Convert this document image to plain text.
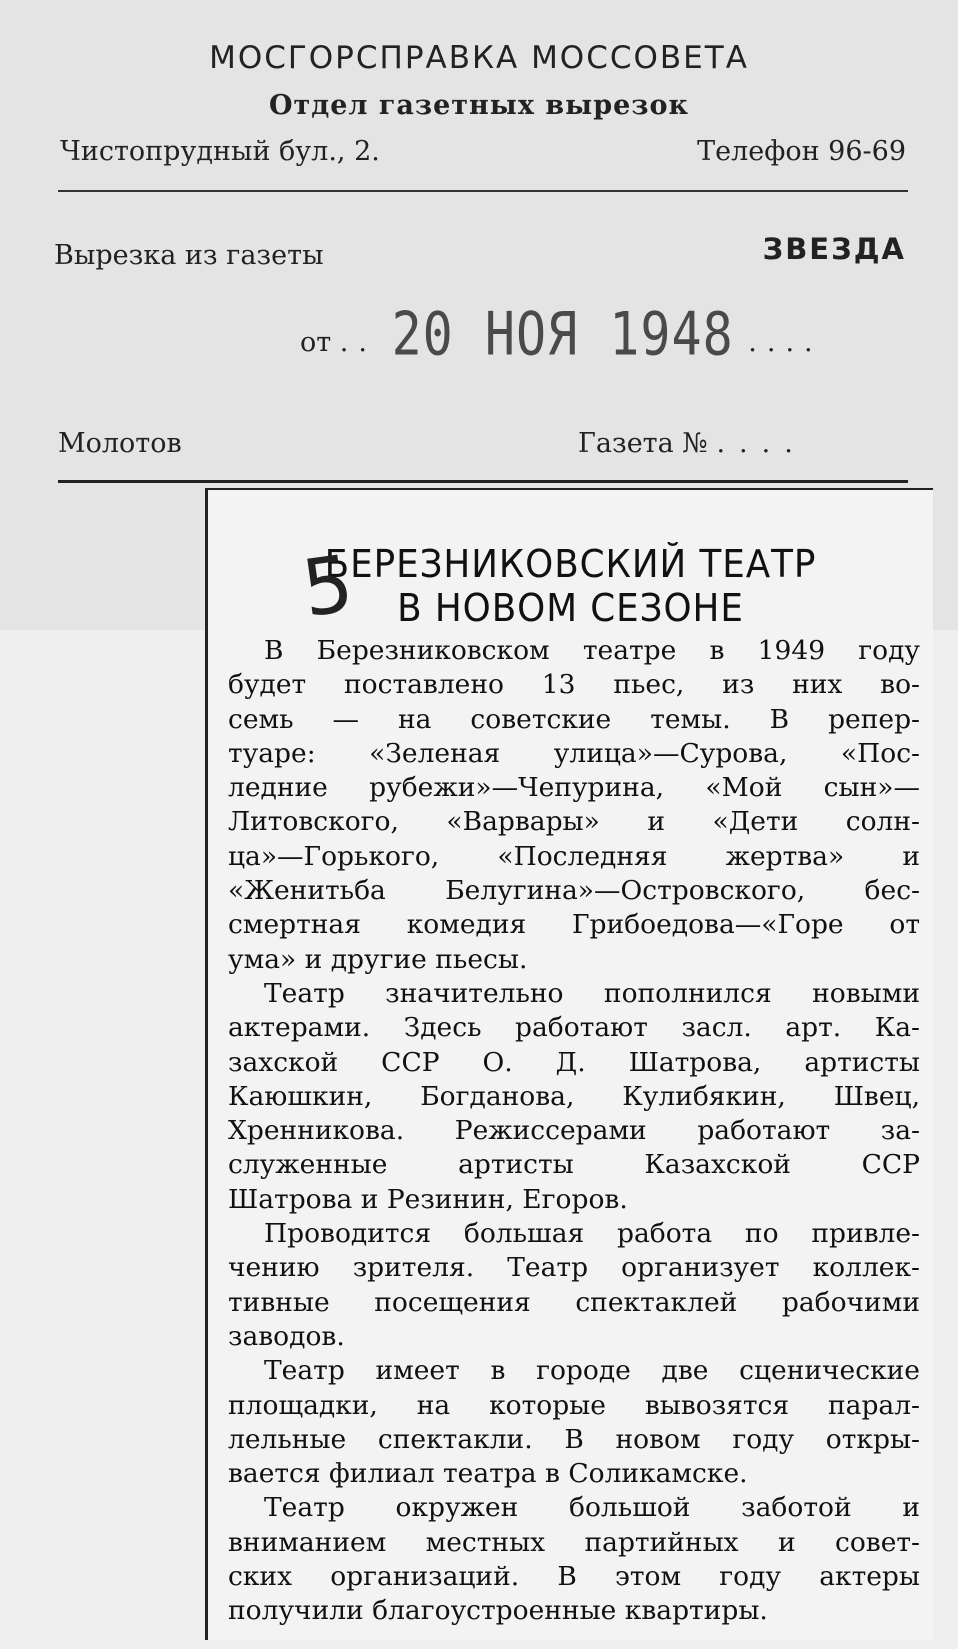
МОСГОРСПРАВКА МОССОВЕТА
Отдел газетных вырезок
Чистопрудный бул., 2.	Телефон 96-69
Вырезка из газеты	ЗВЕЗДА
от .. 20 НОЯ 1948 ....
Молотов	Газета № ....
БЕРЕЗНИКОВСКИЙ ТЕАТР
В НОВОМ СЕЗОНЕ
5
В Березниковском театре в 1949 году
будет поставлено 13 пьес, из них во-
семь — на советские темы. В репер-
туаре: «Зеленая улица»—Сурова, «Пос-
ледние рубежи»—Чепурина, «Мой сын»—
Литовского, «Варвары» и «Дети солн-
ца»—Горького, «Последняя жертва» и
«Женитьба Белугина»—Островского, бес-
смертная комедия Грибоедова—«Горе от
ума» и другие пьесы.
Театр значительно пополнился новыми
актерами. Здесь работают засл. арт. Ка-
захской ССР О. Д. Шатрова, артисты
Каюшкин, Богданова, Кулибякин, Швец,
Хренникова. Режиссерами работают за-
служенные артисты Казахской ССР
Шатрова и Резинин, Егоров.
Проводится большая работа по привле-
чению зрителя. Театр организует коллек-
тивные посещения спектаклей рабочими
заводов.
Театр имеет в городе две сценические
площадки, на которые вывозятся парал-
лельные спектакли. В новом году откры-
вается филиал театра в Соликамске.
Театр окружен большой заботой и
вниманием местных партийных и совет-
ских организаций. В этом году актеры
получили благоустроенные квартиры.
